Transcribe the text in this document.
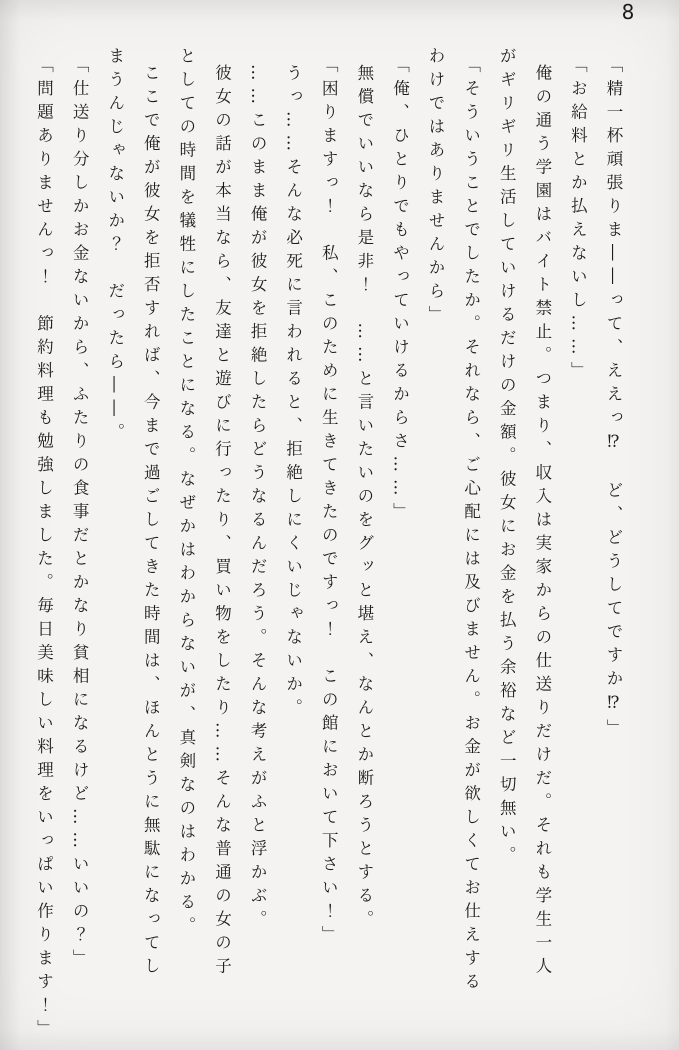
8

「精一杯頑張りま――って、ええっ⁉　ど、どうしてですか⁉」

「お給料とか払えないし……」

俺の通う学園はバイト禁止。つまり、収入は実家からの仕送りだけだ。それも学生一人

がギリギリ生活していけるだけの金額。彼女にお金を払う余裕など一切無い。

「そういうことでしたか。それなら、ご心配には及びません。お金が欲しくてお仕えする

わけではありませんから」

「俺、ひとりでもやっていけるからさ……」

無償でいいなら是非！　……と言いたいのをグッと堪え、なんとか断ろうとする。

「困りますっ！　私、このために生きてきたのですっ！　この館において下さい！」

うっ……そんな必死に言われると、拒絶しにくいじゃないか。

……このまま俺が彼女を拒絶したらどうなるんだろう。そんな考えがふと浮かぶ。

彼女の話が本当なら、友達と遊びに行ったり、買い物をしたり……そんな普通の女の子

としての時間を犠牲にしたことになる。なぜかはわからないが、真剣なのはわかる。

ここで俺が彼女を拒否すれば、今まで過ごしてきた時間は、ほんとうに無駄になってし

まうんじゃないか？　だったら――。

「仕送り分しかお金ないから、ふたりの食事だとかなり貧相になるけど……いいの？」

「問題ありませんっ！　節約料理も勉強しました。毎日美味しい料理をいっぱい作ります！」
